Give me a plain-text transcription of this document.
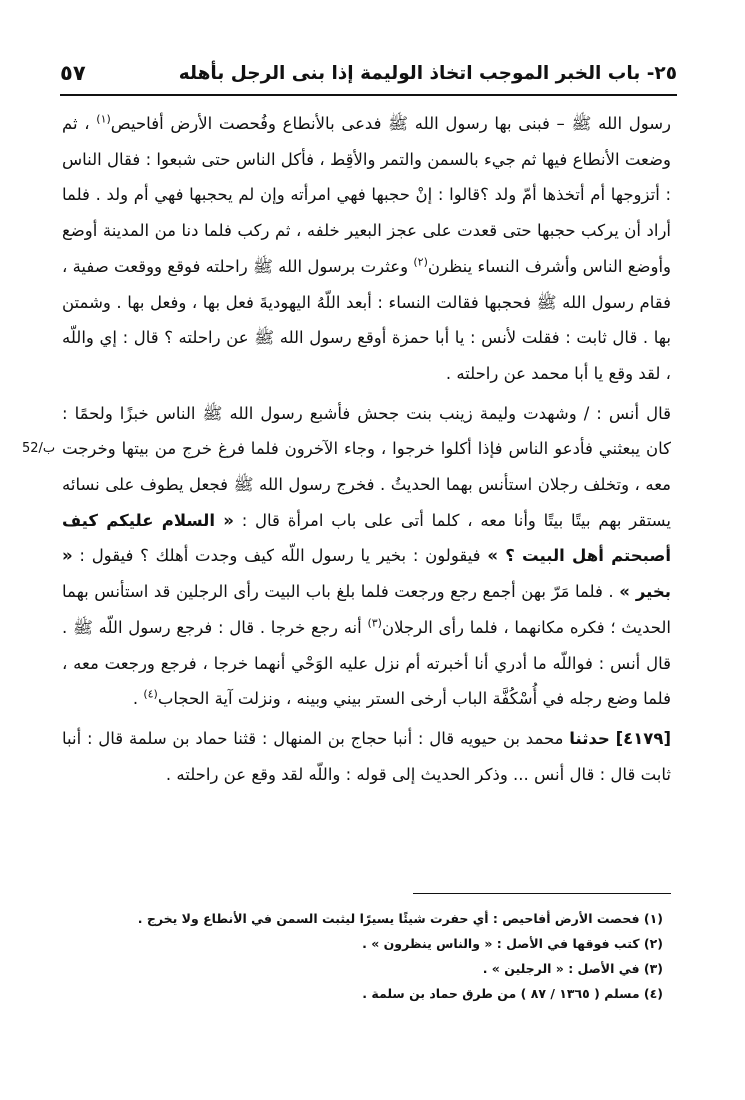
٥٧	٢٥- باب الخبر الموجب اتخاذ الوليمة إذا بنى الرجل بأهله

رسول الله ﷺ – فبنى بها رسول الله ﷺ فدعى بالأنطاع وفُحصت الأرض أفاحيص$^{(١)}$ ، ثم وضعت الأنطاع فيها ثم جيء بالسمن والتمر والأقِط ، فأكل الناس حتى شبعوا : فقال الناس : أتزوجها أم أتخذها أمّ ولد ؟قالوا : إنْ حجبها فهي امرأته وإن لم يحجبها فهي أم ولد . فلما أراد أن يركب حجبها حتى قعدت على عجز البعير خلفه ، ثم ركب فلما دنا من المدينة أوضع وأوضع الناس وأشرف النساء ينظرن$^{(٢)}$ وعثرت برسول الله ﷺ راحلته فوقع ووقعت صفية ، فقام رسول الله ﷺ فحجبها فقالت النساء : أبعد اللّهُ اليهوديةَ فعل بها ، وفعل بها . وشمتن بها . قال ثابت : فقلت لأنس : يا أبا حمزة أوقع رسول الله ﷺ عن راحلته ؟ قال : إي واللّه ، لقد وقع يا أبا محمد عن راحلته .

قال أنس : / وشهدت وليمة زينب بنت جحش فأشبع رسول الله ﷺ الناس خبزًا ولحمًا : كان يبعثني فأدعو الناس فإذا أكلوا خرجوا ، وجاء الآخرون فلما فرغ خرج من بيتها وخرجت معه ، وتخلف رجلان استأنس بهما الحديثُ . فخرج رسول الله ﷺ فجعل يطوف على نسائه يستقر بهم بيتًا بيتًا وأنا معه ، كلما أتى على باب امرأة قال : « السلام عليكم كيف أصبحتم أهل البيت ؟ » فيقولون : بخير يا رسول اللّه كيف وجدت أهلك ؟ فيقول : « بخير » . فلما مَرّ بهن أجمع رجع ورجعت فلما بلغ باب البيت رأى الرجلين قد استأنس بهما الحديث ؛ فكره مكانهما ، فلما رأى الرجلان$^{(٣)}$ أنه رجع خرجا . قال : فرجع رسول اللّه ﷺ . قال أنس : فواللّه ما أدري أنا أخبرته أم نزل عليه الوَحْي أنهما خرجا ، فرجع ورجعت معه ، فلما وضع رجله في أُسْكُفَّة الباب أرخى الستر بيني وبينه ، ونزلت آية الحجاب$^{(٤)}$ .

[٤١٧٩] حدثنا محمد بن حيويه قال : أنبا حجاج بن المنهال : قثنا حماد بن سلمة قال : أنبا ثابت قال : قال أنس ... وذكر الحديث إلى قوله : واللّه لقد وقع عن راحلته .

52/ب
(١) فحصت الأرض أفاحيص : أي حفرت شيئًا يسيرًا ليثبت السمن في الأنطاع ولا يخرج .
(٢) كتب فوقها في الأصل : « والناس ينظرون » .
(٣) في الأصل : « الرجلين » .
(٤) مسلم ( ١٣٦٥ / ٨٧ ) من طرق حماد بن سلمة .
